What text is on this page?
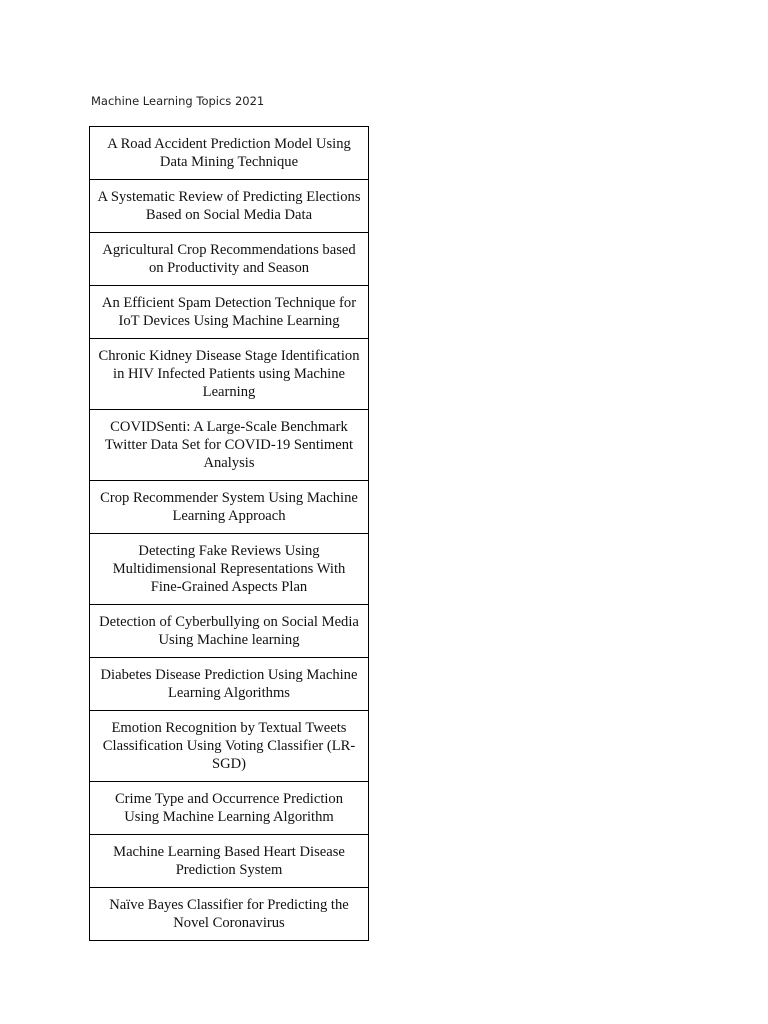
Machine Learning Topics 2021
A Road Accident Prediction Model Using Data Mining Technique
A Systematic Review of Predicting Elections Based on Social Media Data
Agricultural Crop Recommendations based on Productivity and Season
An Efficient Spam Detection Technique for IoT Devices Using Machine Learning
Chronic Kidney Disease Stage Identification in HIV Infected Patients using Machine Learning
COVIDSenti: A Large-Scale Benchmark Twitter Data Set for COVID-19 Sentiment Analysis
Crop Recommender System Using Machine Learning Approach
Detecting Fake Reviews Using Multidimensional Representations With Fine-Grained Aspects Plan
Detection of Cyberbullying on Social Media Using Machine learning
Diabetes Disease Prediction Using Machine Learning Algorithms
Emotion Recognition by Textual Tweets Classification Using Voting Classifier (LR-SGD)
Crime Type and Occurrence Prediction Using Machine Learning Algorithm
Machine Learning Based Heart Disease Prediction System
Naïve Bayes Classifier for Predicting the Novel Coronavirus
